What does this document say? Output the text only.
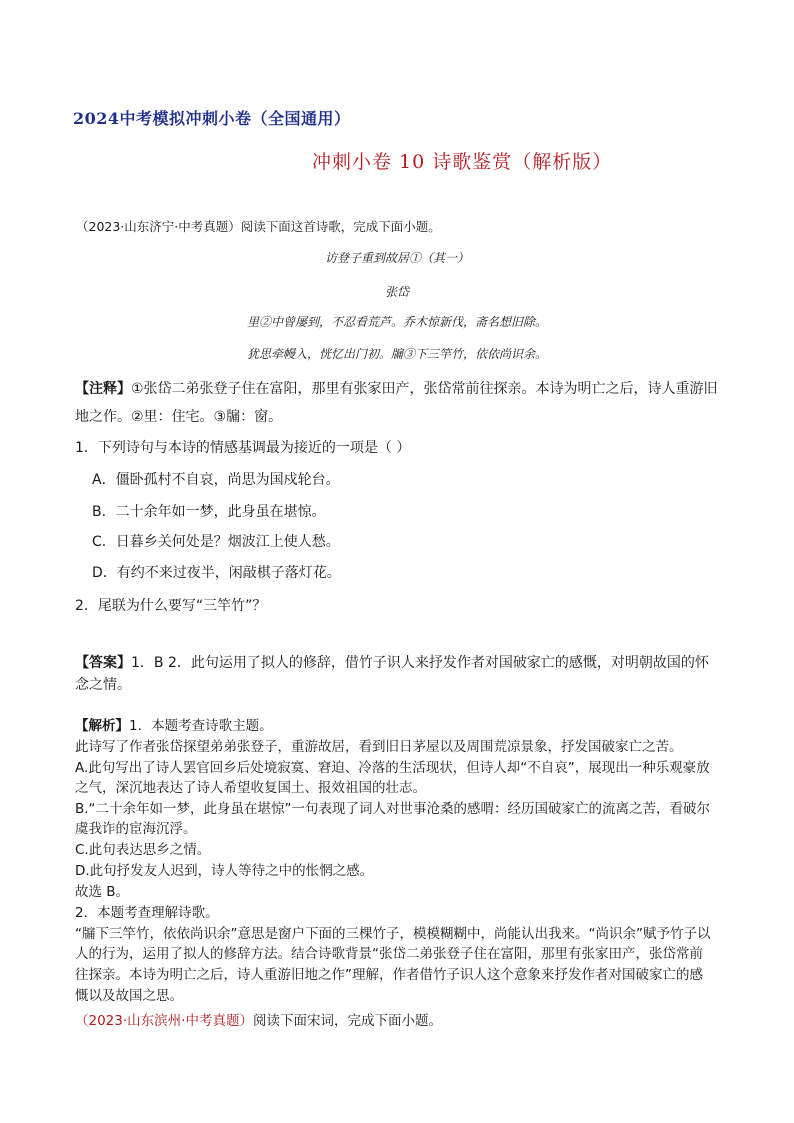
2024中考模拟冲刺小卷（全国通用）
冲刺小卷 10 诗歌鉴赏（解析版）
（2023·山东济宁·中考真题）阅读下面这首诗歌，完成下面小题。
访登子重到故居①（其一）
张岱
里②中曾屡到，不忍看荒芦。乔木惊新伐，斋名想旧除。
犹思牵幔入，恍忆出门初。牖③下三竿竹，依依尚识余。
【注释】①张岱二弟张登子住在富阳，那里有张家田产，张岱常前往探亲。本诗为明亡之后，诗人重游旧
地之作。②里：住宅。③牖：窗。
1．下列诗句与本诗的情感基调最为接近的一项是（ ）
A．僵卧孤村不自哀，尚思为国戍轮台。
B．二十余年如一梦，此身虽在堪惊。
C．日暮乡关何处是？烟波江上使人愁。
D．有约不来过夜半，闲敲棋子落灯花。
2．尾联为什么要写“三竿竹”？
【答案】1．B 2．此句运用了拟人的修辞，借竹子识人来抒发作者对国破家亡的感慨，对明朝故国的怀
念之情。
【解析】1．本题考查诗歌主题。
此诗写了作者张岱探望弟弟张登子，重游故居，看到旧日茅屋以及周围荒凉景象，抒发国破家亡之苦。
A.此句写出了诗人罢官回乡后处境寂寞、窘迫、冷落的生活现状，但诗人却“不自哀”，展现出一种乐观豪放
之气，深沉地表达了诗人希望收复国土、报效祖国的壮志。
B.“二十余年如一梦，此身虽在堪惊”一句表现了词人对世事沧桑的感喟：经历国破家亡的流离之苦，看破尔
虞我诈的宦海沉浮。
C.此句表达思乡之情。
D.此句抒发友人迟到，诗人等待之中的怅惘之感。
故选 B。
2．本题考查理解诗歌。
“牖下三竿竹，依依尚识余”意思是窗户下面的三棵竹子，模模糊糊中，尚能认出我来。“尚识余”赋予竹子以
人的行为，运用了拟人的修辞方法。结合诗歌背景“张岱二弟张登子住在富阳，那里有张家田产，张岱常前
往探亲。本诗为明亡之后，诗人重游旧地之作”理解，作者借竹子识人这个意象来抒发作者对国破家亡的感
慨以及故国之思。
（2023·山东滨州·中考真题）阅读下面宋词，完成下面小题。
